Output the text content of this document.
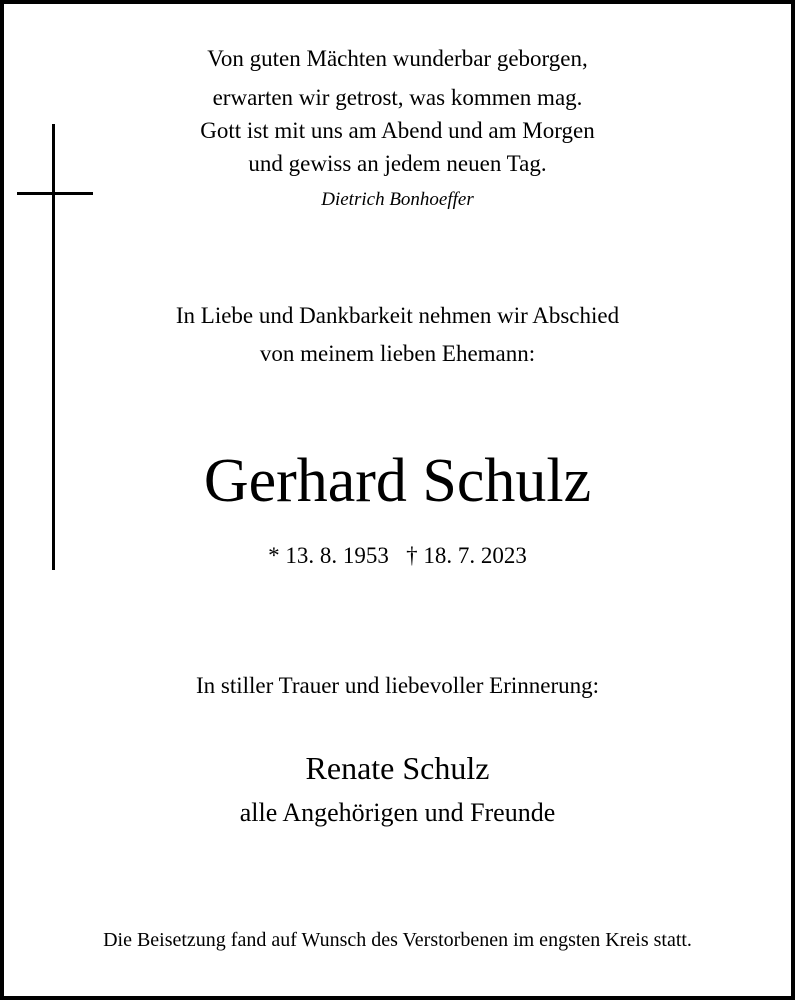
Von guten Mächten wunderbar geborgen,
erwarten wir getrost, was kommen mag.
Gott ist mit uns am Abend und am Morgen
und gewiss an jedem neuen Tag.
Dietrich Bonhoeffer
In Liebe und Dankbarkeit nehmen wir Abschied
von meinem lieben Ehemann:
Gerhard Schulz
* 13. 8. 1953   † 18. 7. 2023
In stiller Trauer und liebevoller Erinnerung:
Renate Schulz
alle Angehörigen und Freunde
Die Beisetzung fand auf Wunsch des Verstorbenen im engsten Kreis statt.
